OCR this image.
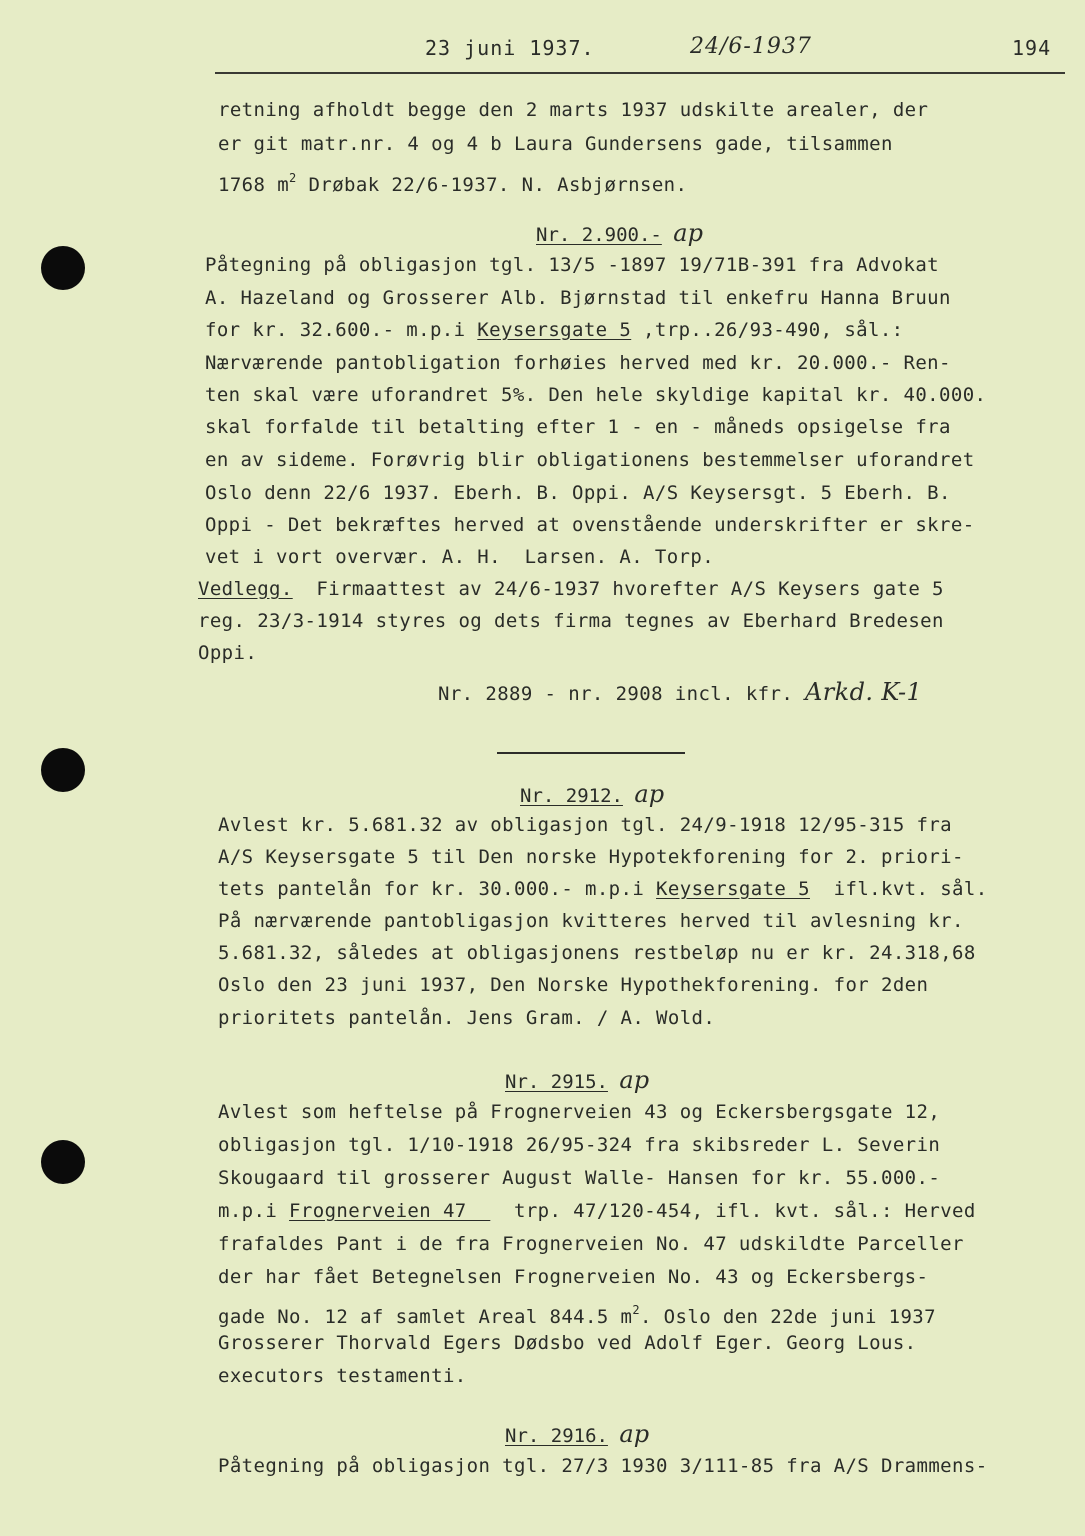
23 juni 1937.	24/6-1937	194
retning afholdt begge den 2 marts 1937 udskilte arealer, der
er git matr.nr. 4 og 4 b Laura Gundersens gade, tilsammen
1768 $m^2$ Drøbak 22/6-1937. N. Asbjørnsen.
Nr. 2.900.- ap
Påtegning på obligasjon tgl. 13/5 -1897 19/71B-391 fra Advokat
A. Hazeland og Grosserer Alb. Bjørnstad til enkefru Hanna Bruun
for kr. 32.600.- m.p.i Keysersgate 5 ,trp..26/93-490, sål.:
Nærværende pantobligation forhøies herved med kr. 20.000.- Ren-
ten skal være uforandret 5%. Den hele skyldige kapital kr. 40.000.
skal forfalde til betalting efter 1 - en - måneds opsigelse fra
en av sideme. Forøvrig blir obligationens bestemmelser uforandret
Oslo denn 22/6 1937. Eberh. B. Oppi. A/S Keysersgt. 5 Eberh. B.
Oppi - Det bekræftes herved at ovenstående underskrifter er skre-
vet i vort overvær. A. H.  Larsen. A. Torp.
Vedlegg.  Firmaattest av 24/6-1937 hvorefter A/S Keysers gate 5
reg. 23/3-1914 styres og dets firma tegnes av Eberhard Bredesen
Oppi.
Nr. 2889 - nr. 2908 incl. kfr. Arkd. K-1
Nr. 2912. ap
Avlest kr. 5.681.32 av obligasjon tgl. 24/9-1918 12/95-315 fra
A/S Keysersgate 5 til Den norske Hypotekforening for 2. priori-
tets pantelån for kr. 30.000.- m.p.i Keysersgate 5  ifl.kvt. sål.
På nærværende pantobligasjon kvitteres herved til avlesning kr.
5.681.32, således at obligasjonens restbeløp nu er kr. 24.318,68
Oslo den 23 juni 1937, Den Norske Hypothekforening. for 2den
prioritets pantelån. Jens Gram. / A. Wold.
Nr. 2915. ap
Avlest som heftelse på Frognerveien 43 og Eckersbergsgate 12,
obligasjon tgl. 1/10-1918 26/95-324 fra skibsreder L. Severin
Skougaard til grosserer August Walle- Hansen for kr. 55.000.-
m.p.i Frognerveien 47    trp. 47/120-454, ifl. kvt. sål.: Herved
frafaldes Pant i de fra Frognerveien No. 47 udskildte Parceller
der har fået Betegnelsen Frognerveien No. 43 og Eckersbergs-
gade No. 12 af samlet Areal 844.5 $m^2$. Oslo den 22de juni 1937
Grosserer Thorvald Egers Dødsbo ved Adolf Eger. Georg Lous.
executors testamenti.
Nr. 2916. ap
Påtegning på obligasjon tgl. 27/3 1930 3/111-85 fra A/S Drammens-
